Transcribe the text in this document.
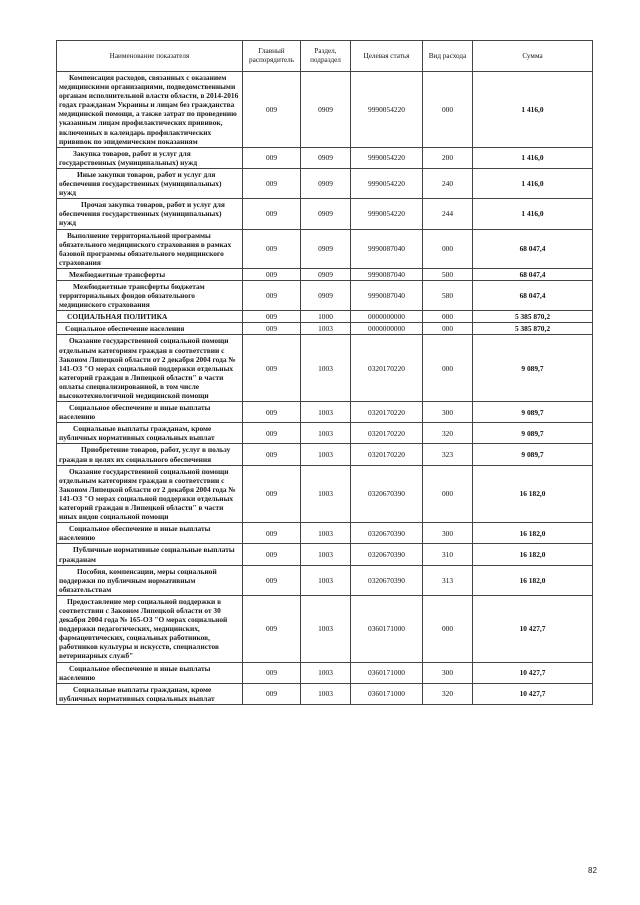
Наименование показателя	Главный распорядитель	Раздел, подраздел	Целевая статья	Вид расхода	Сумма
Компенсация расходов, связанных с оказанием медицинскими организациями, подведомственными органам исполнительной власти области, в 2014-2016 годах гражданам Украины и лицам без гражданства медицинской помощи, а также затрат по проведению указанным лицам профилактических прививок, включенных в календарь профилактических прививок по эпидемическим показаниям	009	0909	9990054220	000	1 416,0
Закупка товаров, работ и услуг для государственных (муниципальных) нужд	009	0909	9990054220	200	1 416,0
Иные закупки товаров, работ и услуг для обеспечения государственных (муниципальных) нужд	009	0909	9990054220	240	1 416,0
Прочая закупка товаров, работ и услуг для обеспечения государственных (муниципальных) нужд	009	0909	9990054220	244	1 416,0
Выполнение территориальной программы обязательного медицинского страхования в рамках базовой программы обязательного медицинского страхования	009	0909	9990087040	000	68 047,4
Межбюджетные трансферты	009	0909	9990087040	500	68 047,4
Межбюджетные трансферты бюджетам территориальных фондов обязательного медицинского страхования	009	0909	9990087040	580	68 047,4
СОЦИАЛЬНАЯ ПОЛИТИКА	009	1000	0000000000	000	5 385 870,2
Социальное обеспечение населения	009	1003	0000000000	000	5 385 870,2
Оказание государственной социальной помощи отдельным категориям граждан в соответствии с Законом Липецкой области от 2 декабря 2004 года № 141-ОЗ "О мерах социальной поддержки отдельных категорий граждан в Липецкой области" в части оплаты специализированной, в том числе высокотехнологичной медицинской помощи	009	1003	0320170220	000	9 089,7
Социальное обеспечение и иные выплаты населению	009	1003	0320170220	300	9 089,7
Социальные выплаты гражданам, кроме публичных нормативных социальных выплат	009	1003	0320170220	320	9 089,7
Приобретение товаров, работ, услуг в пользу граждан в целях их социального обеспечения	009	1003	0320170220	323	9 089,7
Оказание государственной социальной помощи отдельным категориям граждан в соответствии с Законом Липецкой области от 2 декабря 2004 года № 141-ОЗ "О мерах социальной поддержки отдельных категорий граждан в Липецкой области" в части иных видов социальной помощи	009	1003	0320670390	000	16 182,0
Социальное обеспечение и иные выплаты населению	009	1003	0320670390	300	16 182,0
Публичные нормативные социальные выплаты гражданам	009	1003	0320670390	310	16 182,0
Пособия, компенсации, меры социальной поддержки по публичным нормативным обязательствам	009	1003	0320670390	313	16 182,0
Предоставление мер социальной поддержки в соответствии с Законом Липецкой области от 30 декабря 2004 года № 165-ОЗ "О мерах социальной поддержки педагогических, медицинских, фармацевтических, социальных работников, работников культуры и искусств, специалистов ветеринарных служб"	009	1003	0360171000	000	10 427,7
Социальное обеспечение и иные выплаты населению	009	1003	0360171000	300	10 427,7
Социальные выплаты гражданам, кроме публичных нормативных социальных выплат	009	1003	0360171000	320	10 427,7
82
